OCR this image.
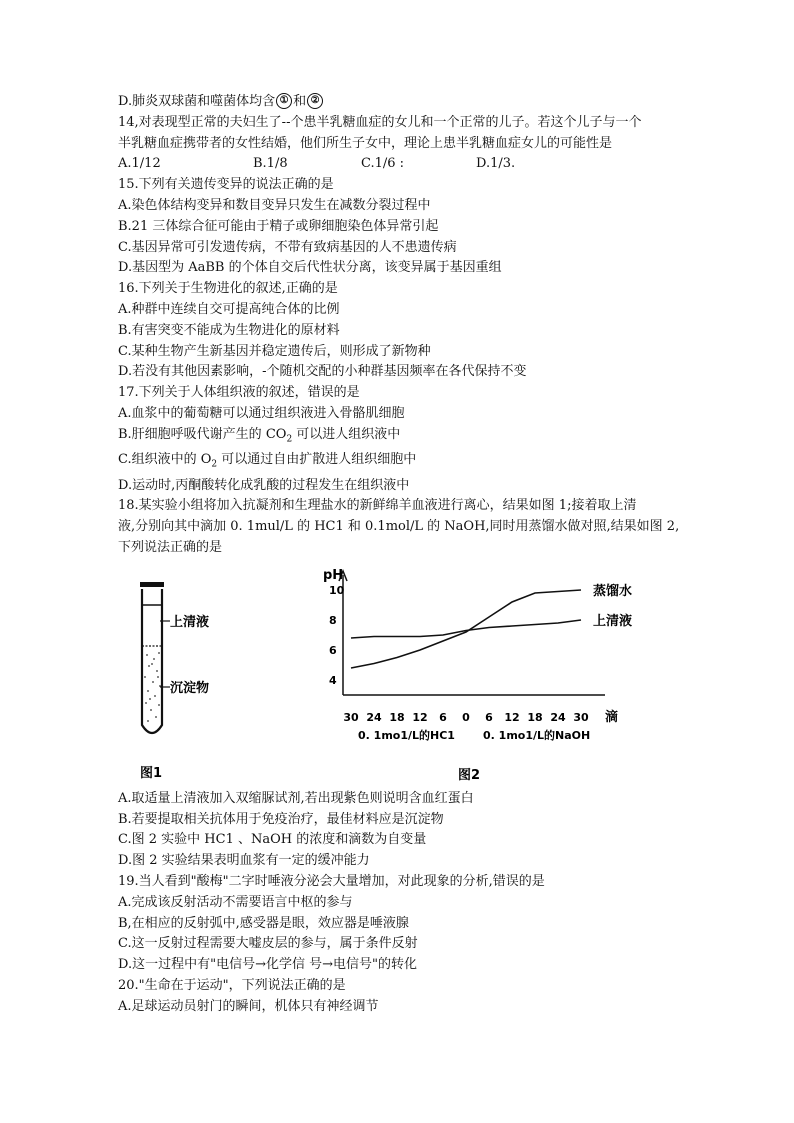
D.肺炎双球菌和噬菌体均含 ① 和 ②
14,对表现型正常的夫妇生了--个患半乳糖血症的女儿和一个正常的儿子。若这个儿子与一个
半乳糖血症携带者的女性结婚，他们所生子女中，理论上患半乳糖血症女儿的可能性是
A.1/12	B.1/8	C.1/6 :	D.1/3.
15.下列有关遗传变异的说法正确的是
A.染色体结构变异和数目变异只发生在减数分裂过程中
B.21 三体综合征可能由于精子或卵细胞染色体异常引起
C.基因异常可引发遗传病，不带有致病基因的人不患遗传病
D.基因型为 AaBB 的个体自交后代性状分离，该变异属于基因重组
16.下列关于生物进化的叙述,正确的是
A.种群中连续自交可提高纯合体的比例
B.有害突变不能成为生物进化的原材料
C.某种生物产生新基因并稳定遗传后，则形成了新物种
D.若没有其他因素影响，-个随机交配的小种群基因频率在各代保持不变
17.下列关于人体组织液的叙述，错误的是
A.血浆中的葡萄糖可以通过组织液进入骨骼肌细胞
B.肝细胞呼吸代谢产生的 $CO_2$ 可以进人组织液中
C.组织液中的 $O_2$ 可以通过自由扩散进人组织细胞中
D.运动时,丙酮酸转化成乳酸的过程发生在组织液中
18.某实验小组将加入抗凝剂和生理盐水的新鲜绵羊血液进行离心，结果如图 1;接着取上清
液,分别向其中滴加 0. 1mul/L 的 HC1 和 0.1mol/L 的 NaOH,同时用蒸馏水做对照,结果如图 2,
下列说法正确的是
上清液
沉淀物
图1
pH
4
6
8
10
30 24 18 12 6 0 6 12 18 24 30 滴
0. 1mo1/L的HC1	0. 1mo1/L的NaOH
蒸馏水
上清液
图2
A.取适量上清液加入双缩脲试剂,若出现紫色则说明含血红蛋白
B.若要提取相关抗体用于免疫治疗，最佳材料应是沉淀物
C.图 2 实验中 HC1 、NaOH 的浓度和滴数为自变量
D.图 2 实验结果表明血浆有一定的缓冲能力
19.当人看到"酸梅"二字时唾液分泌会大量增加，对此现象的分析,错误的是
A.完成该反射活动不需要语言中枢的参与
B,在相应的反射弧中,感受器是眼，效应器是唾液腺
C.这一反射过程需要大嘘皮层的参与，属于条件反射
D.这一过程中有"电信号→化学信 号→电信号"的转化
20."生命在于运动"，下列说法正确的是
A.足球运动员射门的瞬间，机体只有神经调节
